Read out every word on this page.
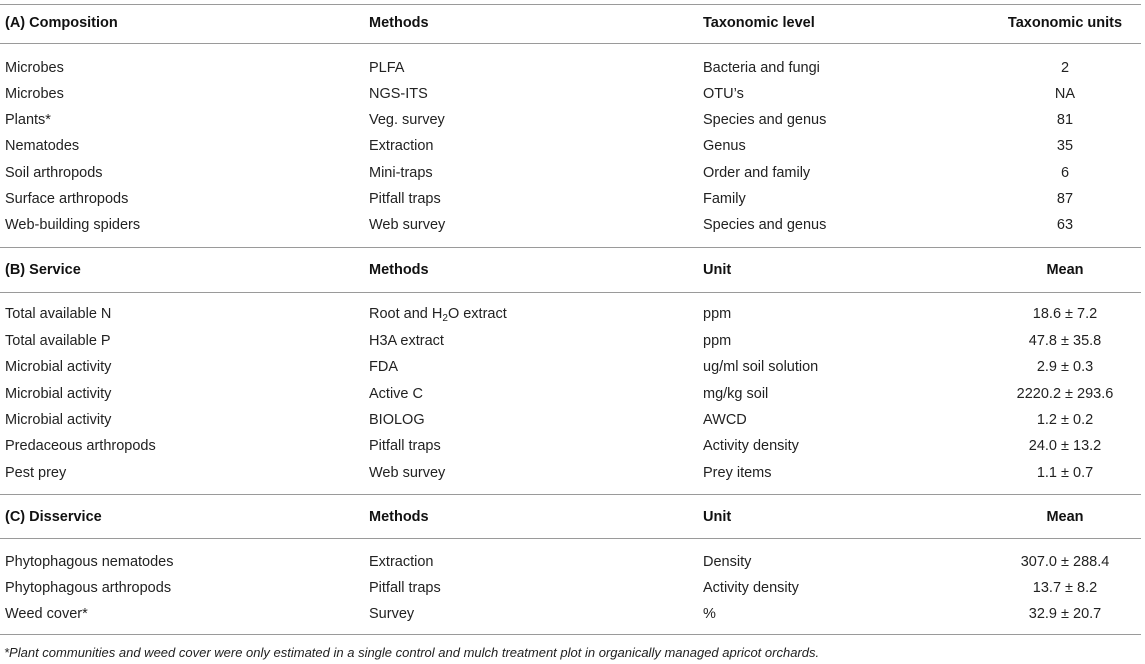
(A) Composition	Methods	Taxonomic level	Taxonomic units
Microbes	PLFA	Bacteria and fungi	2
Microbes	NGS-ITS	OTU’s	NA
Plants*	Veg. survey	Species and genus	81
Nematodes	Extraction	Genus	35
Soil arthropods	Mini-traps	Order and family	6
Surface arthropods	Pitfall traps	Family	87
Web-building spiders	Web survey	Species and genus	63
(B) Service	Methods	Unit	Mean
Total available N	Root and $H_2O$ extract	ppm	18.6 ± 7.2
Total available P	H3A extract	ppm	47.8 ± 35.8
Microbial activity	FDA	ug/ml soil solution	2.9 ± 0.3
Microbial activity	Active C	mg/kg soil	2220.2 ± 293.6
Microbial activity	BIOLOG	AWCD	1.2 ± 0.2
Predaceous arthropods	Pitfall traps	Activity density	24.0 ± 13.2
Pest prey	Web survey	Prey items	1.1 ± 0.7
(C) Disservice	Methods	Unit	Mean
Phytophagous nematodes	Extraction	Density	307.0 ± 288.4
Phytophagous arthropods	Pitfall traps	Activity density	13.7 ± 8.2
Weed cover*	Survey	%	32.9 ± 20.7
*Plant communities and weed cover were only estimated in a single control and mulch treatment plot in organically managed apricot orchards.
